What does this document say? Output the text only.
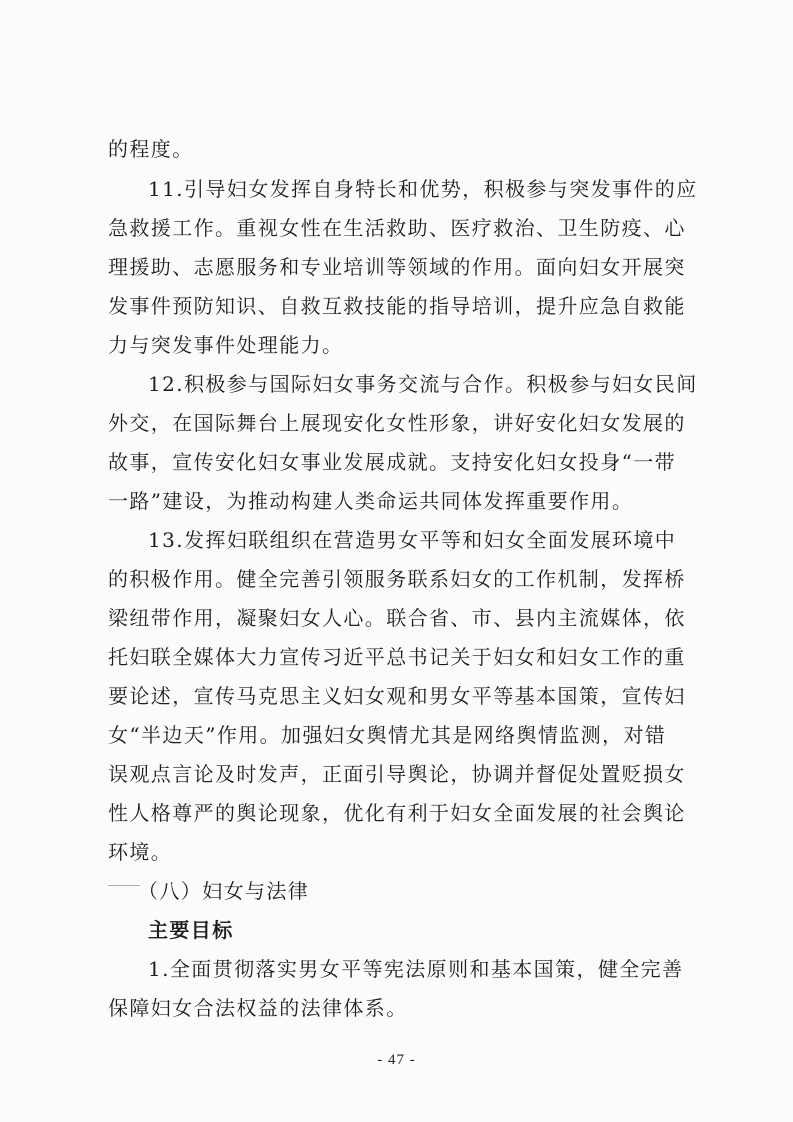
的程度。
11.引导妇女发挥自身特长和优势，积极参与突发事件的应
急救援工作。重视女性在生活救助、医疗救治、卫生防疫、心
理援助、志愿服务和专业培训等领域的作用。面向妇女开展突
发事件预防知识、自救互救技能的指导培训，提升应急自救能
力与突发事件处理能力。
12.积极参与国际妇女事务交流与合作。积极参与妇女民间
外交，在国际舞台上展现安化女性形象，讲好安化妇女发展的
故事，宣传安化妇女事业发展成就。支持安化妇女投身“一带
一路”建设，为推动构建人类命运共同体发挥重要作用。
13.发挥妇联组织在营造男女平等和妇女全面发展环境中
的积极作用。健全完善引领服务联系妇女的工作机制，发挥桥
梁纽带作用，凝聚妇女人心。联合省、市、县内主流媒体，依
托妇联全媒体大力宣传习近平总书记关于妇女和妇女工作的重
要论述，宣传马克思主义妇女观和男女平等基本国策，宣传妇
女“半边天”作用。加强妇女舆情尤其是网络舆情监测，对错
误观点言论及时发声，正面引导舆论，协调并督促处置贬损女
性人格尊严的舆论现象，优化有利于妇女全面发展的社会舆论
环境。
（八）妇女与法律
主要目标
1.全面贯彻落实男女平等宪法原则和基本国策，健全完善
保障妇女合法权益的法律体系。
- 47 -
